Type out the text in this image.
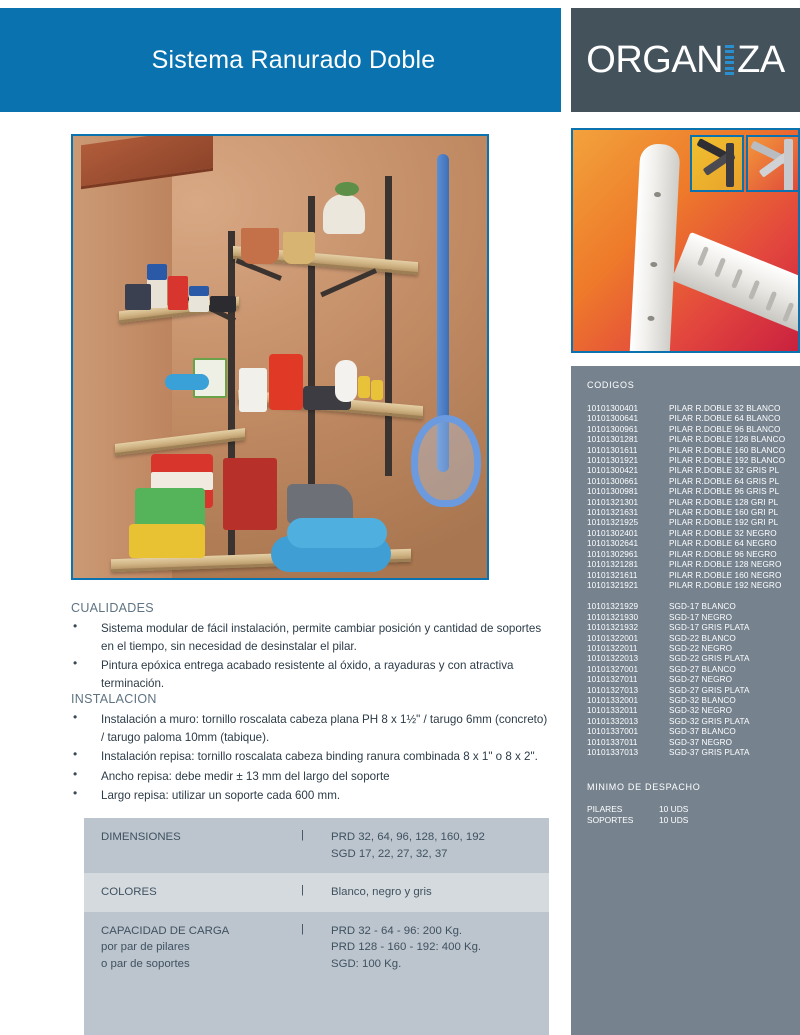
Sistema Ranurado Doble	ORGAN ZA
CUALIDADES

• Sistema modular de fácil instalación, permite cambiar posición y cantidad de soportes en el tiempo, sin necesidad de desinstalar el pilar.

• Pintura epóxica entrega acabado resistente al óxido, a rayaduras y con atractiva terminación.

INSTALACION

• Instalación a muro: tornillo roscalata cabeza plana PH 8 x 1½" / tarugo 6mm (concreto) / tarugo paloma 10mm (tabique).

• Instalación repisa: tornillo roscalata cabeza binding ranura combinada 8 x 1" o 8 x 2".

• Ancho repisa: debe medir ± 13 mm del largo del soporte

• Largo repisa: utilizar un soporte cada 600 mm.

DIMENSIONES	|	PRD 32, 64, 96, 128, 160, 192
SGD 17, 22, 27, 32, 37
COLORES	|	Blanco, negro y gris
CAPACIDAD DE CARGA
por par de pilares
o par de soportes
|	PRD 32 - 64 - 96: 200 Kg.
PRD 128 - 160 - 192: 400 Kg.
SGD: 100 Kg.
CODIGOS
10101300401	PILAR R.DOBLE 32 BLANCO
10101300641	PILAR R.DOBLE 64 BLANCO
10101300961	PILAR R.DOBLE 96 BLANCO
10101301281	PILAR R.DOBLE 128 BLANCO
10101301611	PILAR R.DOBLE 160 BLANCO
10101301921	PILAR R.DOBLE 192 BLANCO
10101300421	PILAR R.DOBLE 32 GRIS PL
10101300661	PILAR R.DOBLE 64 GRIS PL
10101300981	PILAR R.DOBLE 96 GRIS PL
10101321301	PILAR R.DOBLE 128 GRI PL
10101321631	PILAR R.DOBLE 160 GRI PL
10101321925	PILAR R.DOBLE 192 GRI PL
10101302401	PILAR R.DOBLE 32 NEGRO
10101302641	PILAR R.DOBLE 64 NEGRO
10101302961	PILAR R.DOBLE 96 NEGRO
10101321281	PILAR R.DOBLE 128 NEGRO
10101321611	PILAR R.DOBLE 160 NEGRO
10101321921	PILAR R.DOBLE 192 NEGRO
10101321929	SGD-17 BLANCO
10101321930	SGD-17 NEGRO
10101321932	SGD-17 GRIS PLATA
10101322001	SGD-22 BLANCO
10101322011	SGD-22 NEGRO
10101322013	SGD-22 GRIS PLATA
10101327001	SGD-27 BLANCO
10101327011	SGD-27 NEGRO
10101327013	SGD-27 GRIS PLATA
10101332001	SGD-32 BLANCO
10101332011	SGD-32 NEGRO
10101332013	SGD-32 GRIS PLATA
10101337001	SGD-37 BLANCO
10101337011	SGD-37 NEGRO
10101337013	SGD-37 GRIS PLATA
MINIMO DE DESPACHO
PILARES	10 UDS
SOPORTES	10 UDS
